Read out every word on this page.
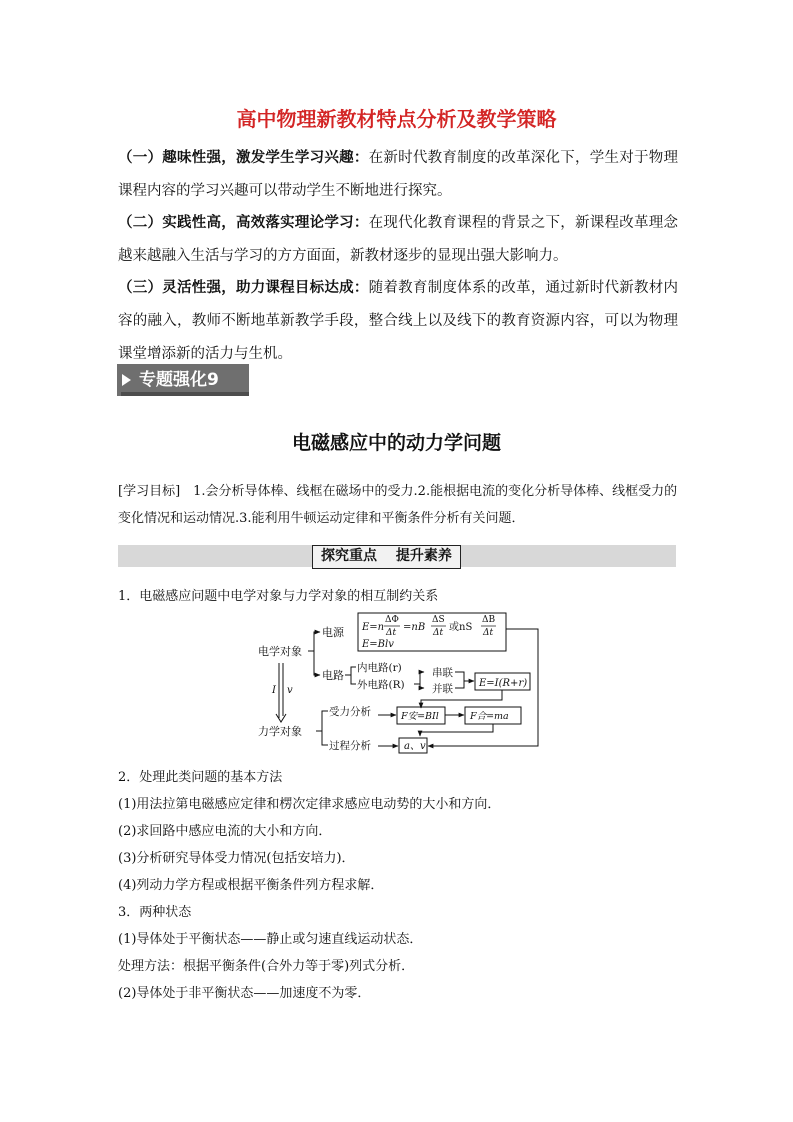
高中物理新教材特点分析及教学策略
（一）趣味性强，激发学生学习兴趣：在新时代教育制度的改革深化下，学生对于物理课程内容的学习兴趣可以带动学生不断地进行探究。
（二）实践性高，高效落实理论学习：在现代化教育课程的背景之下，新课程改革理念越来越融入生活与学习的方方面面，新教材逐步的显现出强大影响力。
（三）灵活性强，助力课程目标达成：随着教育制度体系的改革，通过新时代新教材内容的融入，教师不断地革新教学手段，整合线上以及线下的教育资源内容，可以为物理课堂增添新的活力与生机。
专题强化9
电磁感应中的动力学问题
[学习目标]　1.会分析导体棒、线框在磁场中的受力.2.能根据电流的变化分析导体棒、线框受力的变化情况和运动情况.3.能利用牛顿运动定律和平衡条件分析有关问题．
探究重点 提升素养
1．电磁感应问题中电学对象与力学对象的相互制约关系
电学对象
电源 E=n
ΔΦ
Δt =nB
ΔS
Δt 或nS
ΔB
Δt
E=Blv
电路
内电路(r)
外电路(R)
串联
并联	E=I(R+r)
I v
力学对象
受力分析	F安=BIl	F合=ma
过程分析	a、v
2．处理此类问题的基本方法
(1)用法拉第电磁感应定律和楞次定律求感应电动势的大小和方向．
(2)求回路中感应电流的大小和方向．
(3)分析研究导体受力情况(包括安培力)．
(4)列动力学方程或根据平衡条件列方程求解．
3．两种状态
(1)导体处于平衡状态——静止或匀速直线运动状态．
处理方法：根据平衡条件(合外力等于零)列式分析．
(2)导体处于非平衡状态——加速度不为零．
